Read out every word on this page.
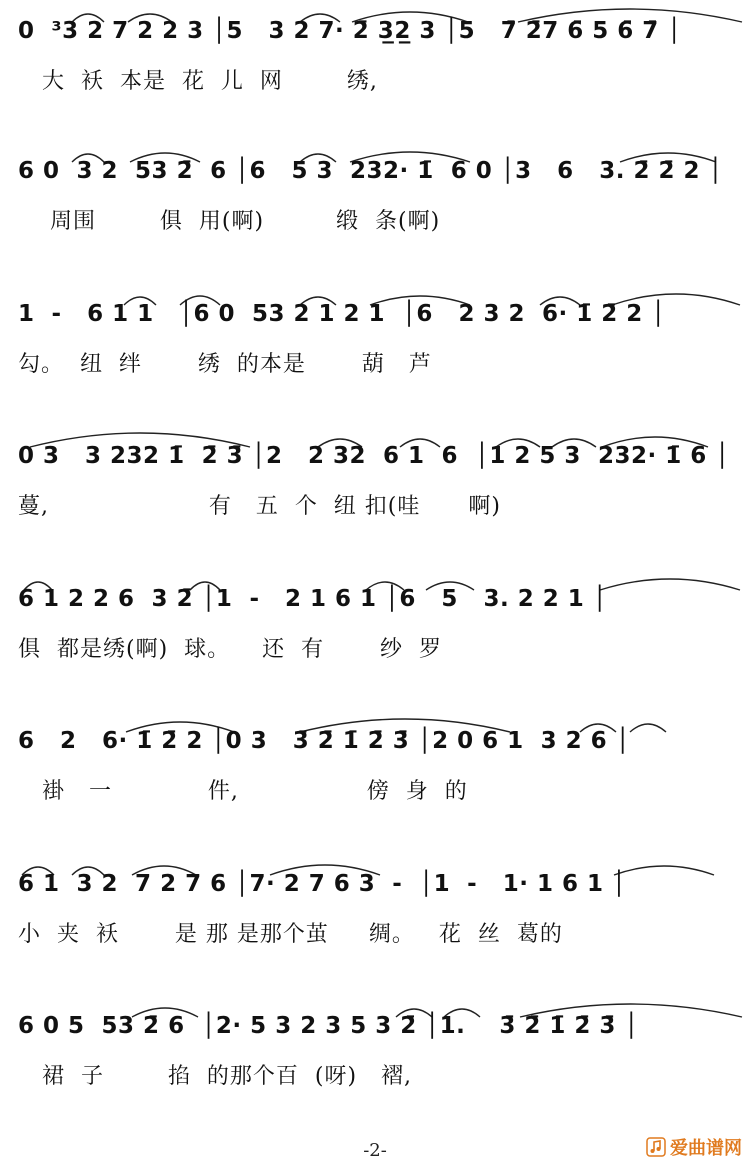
0  ³3 2 7 2 2 3 │5   3 2 7· 2̄ 3̲2̲ 3 │5   7̄ 2̄7 6̄ 5 6̄ 7̄ │
大  袄  本是  花  儿  网        绣,
6 0  3 2  53 2̄  6 │6   5 3  232· 1̄  6 0 │3   6   3. 2̄ 2̄ 2 │
周围        俱  用(啊)         缎  条(啊)
1  -   6 1 1   │6 0  53 2 1 2 1  │6   2 3 2  6· 1̄ 2̄ 2 │
勾。  纽  绊       绣  的本是       葫   芦
0 3   3 232 1̄  2̄ 3̄ │2   2 32  6 1  6  │1 2 5 3  232· 1̄ 6 │
蔓,                    有   五  个  纽 扣(哇      啊)
6 1 2 2 6  3 2̄ │1  -   2 1 6 1 │6   5   3. 2 2 1 │
俱  都是绣(啊)  球。    还  有       纱  罗
6   2   6· 1̄ 2̄ 2 │0 3   3̄ 2̄ 1̄ 2̄ 3̄ │2 0 6 1  3 2 6 │
褂   一            件,                傍  身  的
6 1  3 2  7 2 7 6 │7· 2 7 6 3  -  │1  -   1· 1 6 1 │
小  夹  袄       是 那 是那个茧     绸。   花  丝  葛的
6 0 5  53 2̄ 6  │2· 5 3 2 3 5 3 2̄ │1.    3̄ 2̄ 1̄ 2̄ 3̄ │
裙  子        掐  的那个百  (呀)   褶,
-2-	爱曲谱网
